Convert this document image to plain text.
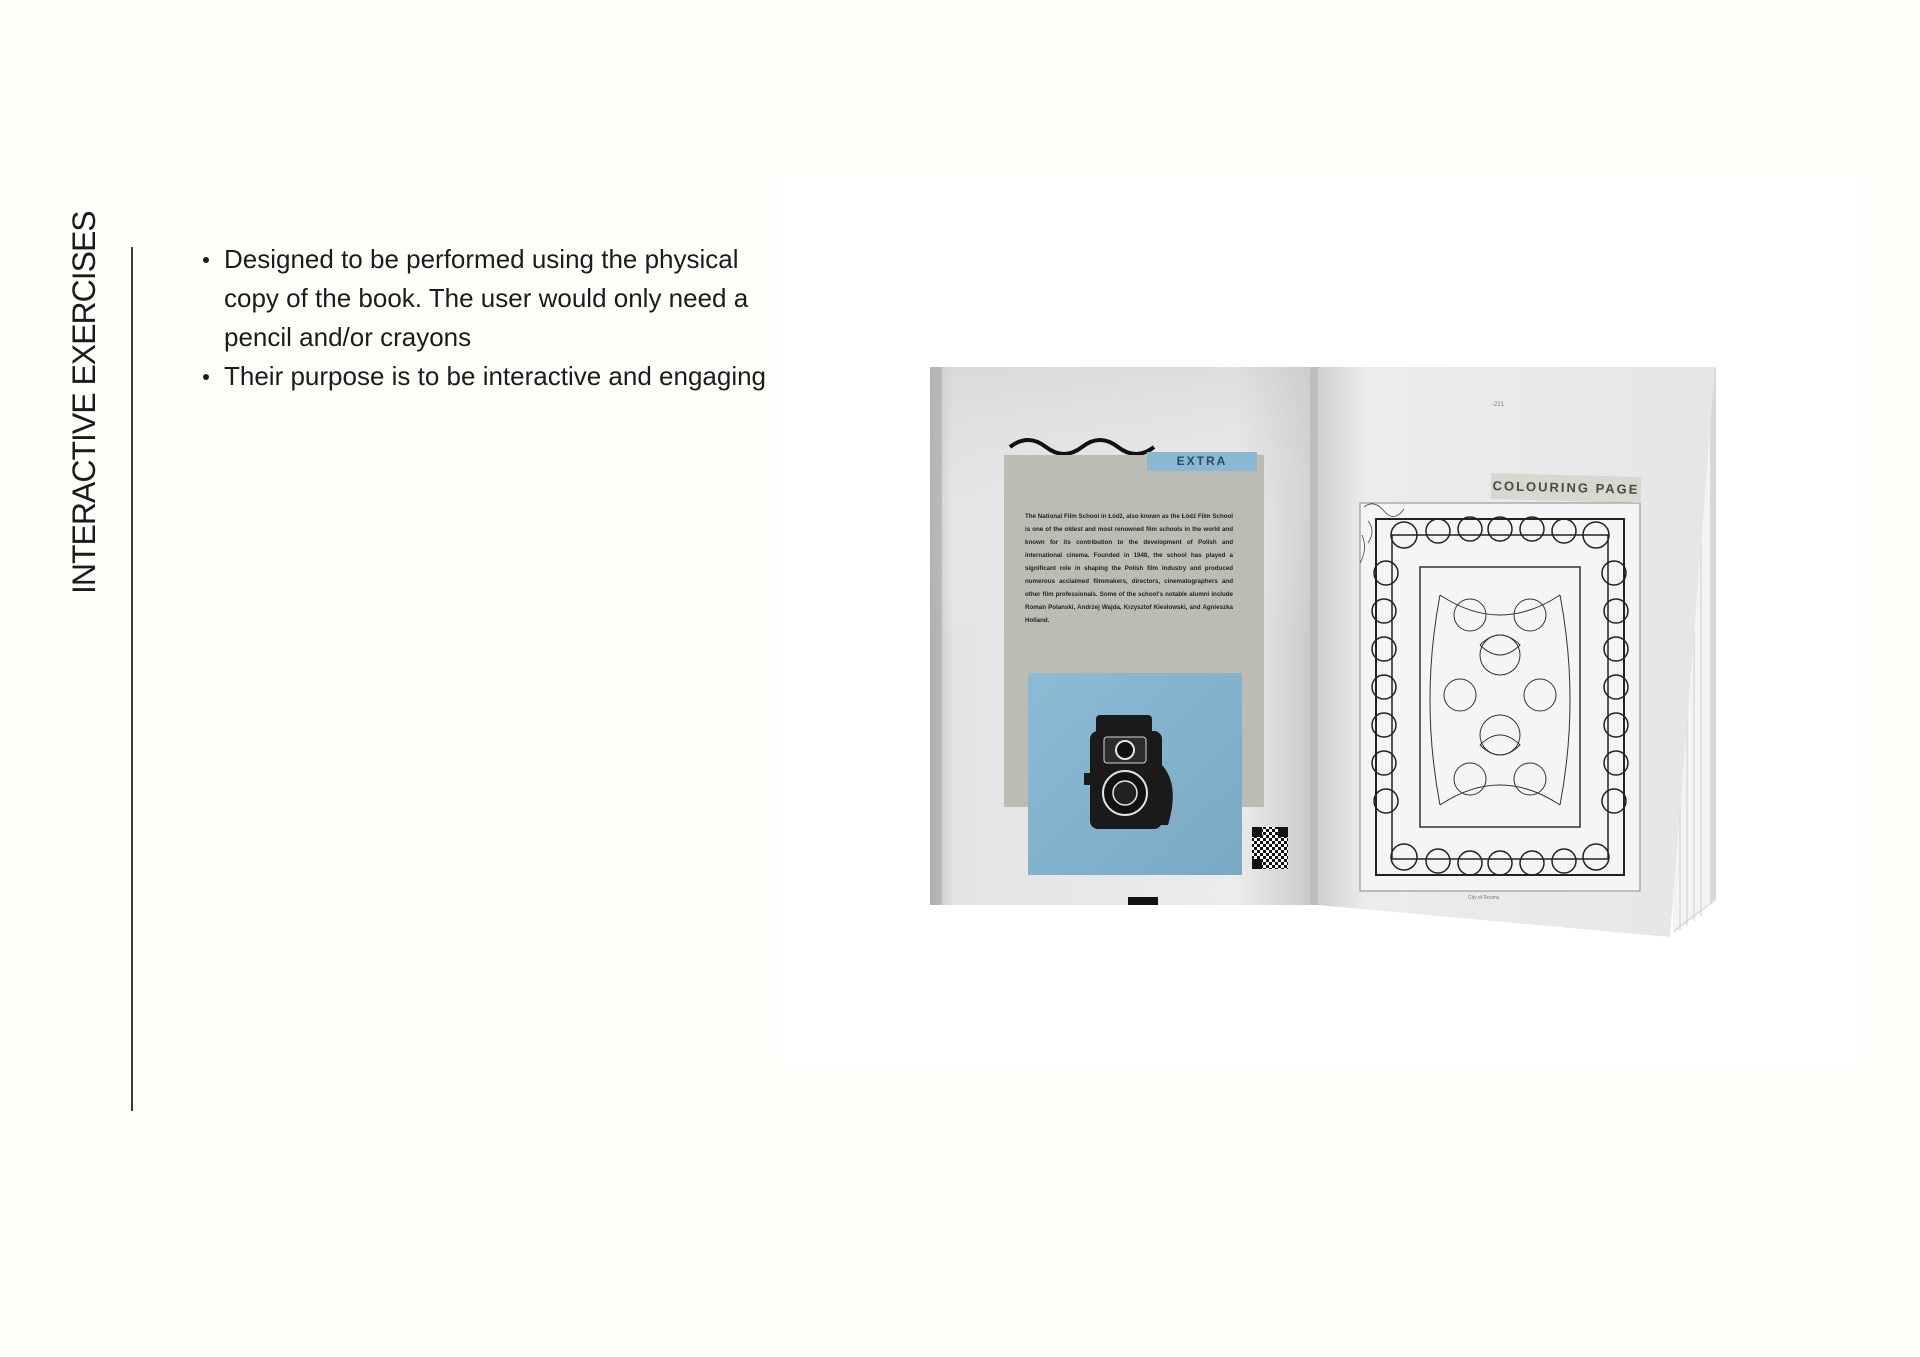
INTERACTIVE EXERCISES	Designed to be performed using the physical copy of the book. The user would only need a pencil and/or crayons
Their purpose is to be interactive and engaging
EXTRA
The National Film School in Łódź, also known as the Łódź Film School is one of the oldest and most renowned film schools in the world and known for its contribution to the development of Polish and international cinema. Founded in 1948, the school has played a significant role in shaping the Polish film industry and produced numerous acclaimed filmmakers, directors, cinematographers and other film professionals. Some of the school's notable alumni include Roman Polanski, Andrzej Wajda, Krzysztof Kieslowski, and Agnieszka Holland.
COLOURING PAGE
-221
City of Rooms
